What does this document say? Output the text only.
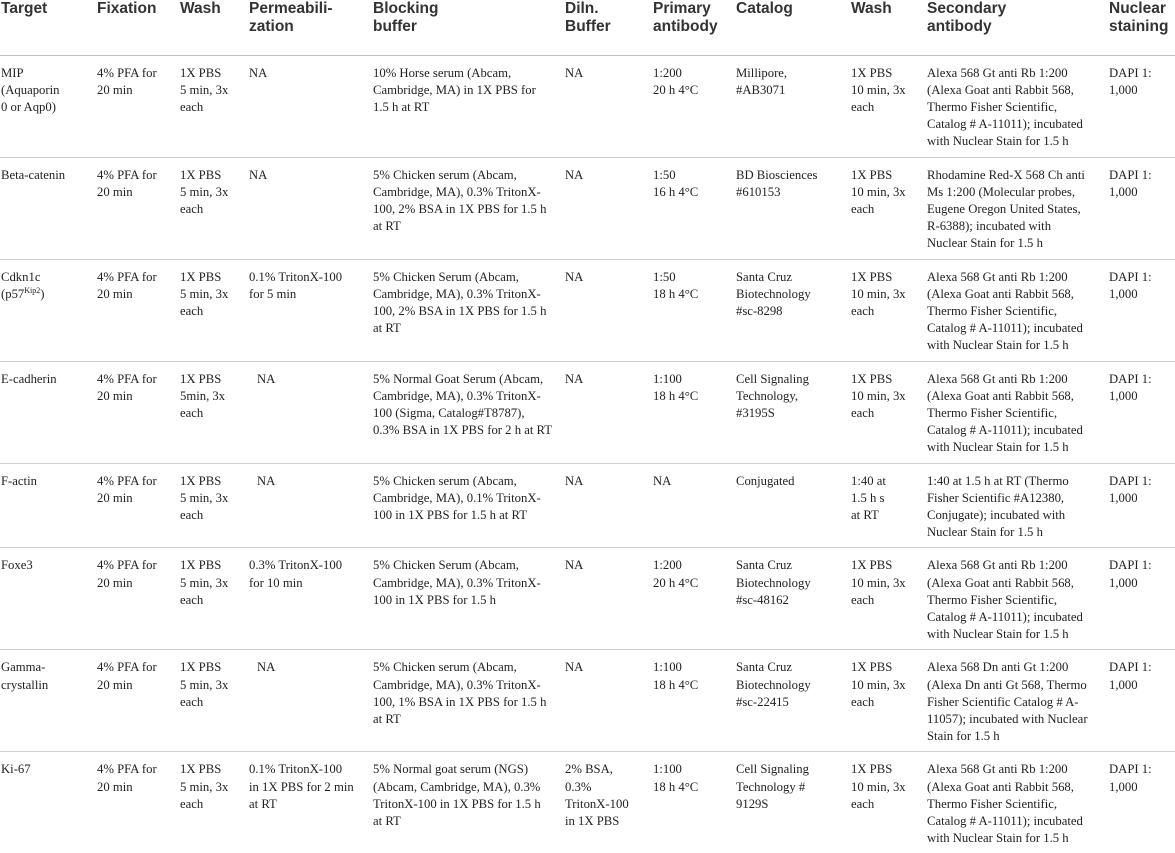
Target	Fixation	Wash	Permeabili-
zation	Blocking
buffer	Diln.
Buffer	Primary
antibody	Catalog	Wash	Secondary
antibody	Nuclear
staining

MIP
(Aquaporin
0 or Aqp0)	4% PFA for
20 min	1X PBS
5 min, 3x
each	NA	10% Horse serum (Abcam,
Cambridge, MA) in 1X PBS for
1.5 h at RT	NA	1:200
20 h 4°C	Millipore,
#AB3071	1X PBS
10 min, 3x
each	Alexa 568 Gt anti Rb 1:200
(Alexa Goat anti Rabbit 568,
Thermo Fisher Scientific,
Catalog # A-11011); incubated
with Nuclear Stain for 1.5 h	DAPI 1:
1,000

Beta-catenin	4% PFA for
20 min	1X PBS
5 min, 3x
each	NA	5% Chicken serum (Abcam,
Cambridge, MA), 0.3% TritonX-
100, 2% BSA in 1X PBS for 1.5 h
at RT	NA	1:50
16 h 4°C	BD Biosciences
#610153	1X PBS
10 min, 3x
each	Rhodamine Red-X 568 Ch anti
Ms 1:200 (Molecular probes,
Eugene Oregon United States,
R-6388); incubated with
Nuclear Stain for 1.5 h	DAPI 1:
1,000

Cdkn1c
$(p57^{Kip2})$	4% PFA for
20 min	1X PBS
5 min, 3x
each	0.1% TritonX-100
for 5 min	5% Chicken Serum (Abcam,
Cambridge, MA), 0.3% TritonX-
100, 2% BSA in 1X PBS for 1.5 h
at RT	NA	1:50
18 h 4°C	Santa Cruz
Biotechnology
#sc-8298	1X PBS
10 min, 3x
each	Alexa 568 Gt anti Rb 1:200
(Alexa Goat anti Rabbit 568,
Thermo Fisher Scientific,
Catalog # A-11011); incubated
with Nuclear Stain for 1.5 h	DAPI 1:
1,000

E-cadherin	4% PFA for
20 min	1X PBS
5min, 3x
each	NA	5% Normal Goat Serum (Abcam,
Cambridge, MA), 0.3% TritonX-
100 (Sigma, Catalog#T8787),
0.3% BSA in 1X PBS for 2 h at RT	NA	1:100
18 h 4°C	Cell Signaling
Technology,
#3195S	1X PBS
10 min, 3x
each	Alexa 568 Gt anti Rb 1:200
(Alexa Goat anti Rabbit 568,
Thermo Fisher Scientific,
Catalog # A-11011); incubated
with Nuclear Stain for 1.5 h	DAPI 1:
1,000

F-actin	4% PFA for
20 min	1X PBS
5 min, 3x
each	NA	5% Chicken serum (Abcam,
Cambridge, MA), 0.1% TritonX-
100 in 1X PBS for 1.5 h at RT	NA	NA	Conjugated	1:40 at
1.5 h s
at RT	1:40 at 1.5 h at RT (Thermo
Fisher Scientific #A12380,
Conjugate); incubated with
Nuclear Stain for 1.5 h	DAPI 1:
1,000

Foxe3	4% PFA for
20 min	1X PBS
5 min, 3x
each	0.3% TritonX-100
for 10 min	5% Chicken Serum (Abcam,
Cambridge, MA), 0.3% TritonX-
100 in 1X PBS for 1.5 h	NA	1:200
20 h 4°C	Santa Cruz
Biotechnology
#sc-48162	1X PBS
10 min, 3x
each	Alexa 568 Gt anti Rb 1:200
(Alexa Goat anti Rabbit 568,
Thermo Fisher Scientific,
Catalog # A-11011); incubated
with Nuclear Stain for 1.5 h	DAPI 1:
1,000

Gamma-
crystallin	4% PFA for
20 min	1X PBS
5 min, 3x
each	NA	5% Chicken serum (Abcam,
Cambridge, MA), 0.3% TritonX-
100, 1% BSA in 1X PBS for 1.5 h
at RT	NA	1:100
18 h 4°C	Santa Cruz
Biotechnology
#sc-22415	1X PBS
10 min, 3x
each	Alexa 568 Dn anti Gt 1:200
(Alexa Dn anti Gt 568, Thermo
Fisher Scientific Catalog # A-
11057); incubated with Nuclear
Stain for 1.5 h	DAPI 1:
1,000

Ki-67	4% PFA for
20 min	1X PBS
5 min, 3x
each	0.1% TritonX-100
in 1X PBS for 2 min
at RT	5% Normal goat serum (NGS)
(Abcam, Cambridge, MA), 0.3%
TritonX-100 in 1X PBS for 1.5 h
at RT	2% BSA,
0.3%
TritonX-100
in 1X PBS	1:100
18 h 4°C	Cell Signaling
Technology #
9129S	1X PBS
10 min, 3x
each	Alexa 568 Gt anti Rb 1:200
(Alexa Goat anti Rabbit 568,
Thermo Fisher Scientific,
Catalog # A-11011); incubated
with Nuclear Stain for 1.5 h	DAPI 1:
1,000
